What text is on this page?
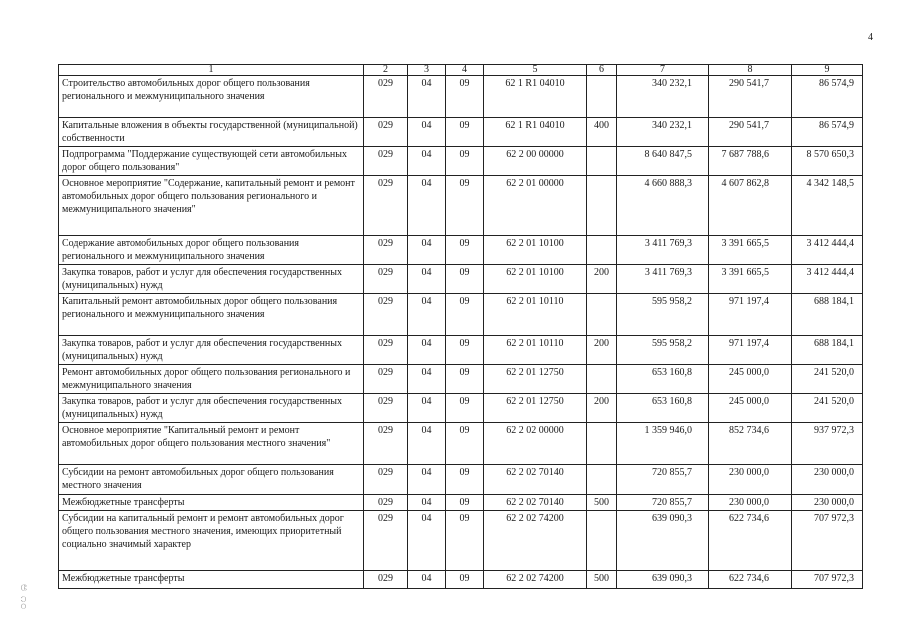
4
ಅ ೧೦
1	2	3	4	5	6	7	8	9
Строительство автомобильных дорог общего пользования регионального и межмуниципального значения	029	04	09	62 1 R1 04010		340 232,1	290 541,7	86 574,9
Капитальные вложения в объекты государственной (муниципальной) собственности	029	04	09	62 1 R1 04010	400	340 232,1	290 541,7	86 574,9
Подпрограмма "Поддержание существующей сети автомобильных дорог общего пользования"	029	04	09	62 2 00 00000		8 640 847,5	7 687 788,6	8 570 650,3
Основное мероприятие "Содержание, капитальный ремонт и ремонт автомобильных дорог общего пользования регионального и межмуниципального значения"	029	04	09	62 2 01 00000		4 660 888,3	4 607 862,8	4 342 148,5
Содержание автомобильных дорог общего пользования регионального и межмуниципального значения	029	04	09	62 2 01 10100		3 411 769,3	3 391 665,5	3 412 444,4
Закупка товаров, работ и услуг для обеспечения государственных (муниципальных) нужд	029	04	09	62 2 01 10100	200	3 411 769,3	3 391 665,5	3 412 444,4
Капитальный ремонт автомобильных дорог общего пользования регионального и межмуниципального значения	029	04	09	62 2 01 10110		595 958,2	971 197,4	688 184,1
Закупка товаров, работ и услуг для обеспечения государственных (муниципальных) нужд	029	04	09	62 2 01 10110	200	595 958,2	971 197,4	688 184,1
Ремонт автомобильных дорог общего пользования регионального и межмуниципального значения	029	04	09	62 2 01 12750		653 160,8	245 000,0	241 520,0
Закупка товаров, работ и услуг для обеспечения государственных (муниципальных) нужд	029	04	09	62 2 01 12750	200	653 160,8	245 000,0	241 520,0
Основное мероприятие "Капитальный ремонт и ремонт автомобильных дорог общего пользования местного значения"	029	04	09	62 2 02 00000		1 359 946,0	852 734,6	937 972,3
Субсидии на ремонт автомобильных дорог общего пользования местного значения	029	04	09	62 2 02 70140		720 855,7	230 000,0	230 000,0
Межбюджетные трансферты	029	04	09	62 2 02 70140	500	720 855,7	230 000,0	230 000,0
Субсидии на капитальный ремонт и ремонт автомобильных дорог общего пользования местного значения, имеющих приоритетный социально значимый характер	029	04	09	62 2 02 74200		639 090,3	622 734,6	707 972,3
Межбюджетные трансферты	029	04	09	62 2 02 74200	500	639 090,3	622 734,6	707 972,3
